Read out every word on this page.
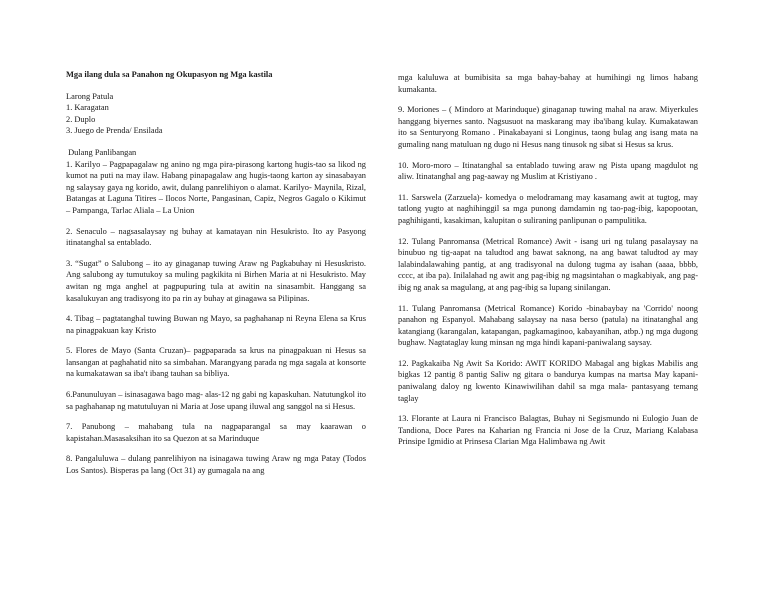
Mga ilang dula sa Panahon ng Okupasyon ng Mga kastila

Larong Patula
1. Karagatan
2. Duplo
3. Juego de Prenda/ Ensilada
Dulang Panlibangan

1. Karilyo – Pagpapagalaw ng anino ng mga pira-pirasong kartong hugis-tao sa likod ng kumot na puti na may ilaw. Habang pinapagalaw ang hugis-taong karton ay sinasabayan ng salaysay gaya ng korido, awit, dulang panrelihiyon o alamat. Karilyo- Maynila, Rizal, Batangas at Laguna Titires – Ilocos Norte, Pangasinan, Capiz, Negros Gagalo o Kikimut – Pampanga, Tarlac Aliala – La Union

2. Senaculo – nagsasalaysay ng buhay at kamatayan nin Hesukristo. Ito ay Pasyong itinatanghal sa entablado.

3. “Sugat” o Salubong – ito ay ginaganap tuwing Araw ng Pagkabuhay ni Hesuskristo. Ang salubong ay tumutukoy sa muling pagkikita ni Birhen Maria at ni Hesukristo. May awitan ng mga anghel at pagpupuring tula at awitin na sinasambit. Hanggang sa kasalukuyan ang tradisyong ito pa rin ay buhay at ginagawa sa Pilipinas.

4. Tibag – pagtatanghal tuwing Buwan ng Mayo, sa paghahanap ni Reyna Elena sa Krus na pinagpakuan kay Kristo

5. Flores de Mayo (Santa Cruzan)– pagpaparada sa krus na pinagpakuan ni Hesus sa lansangan at paghahatid nito sa simbahan. Marangyang parada ng mga sagala at konsorte na kumakatawan sa iba't ibang tauhan sa bibliya.

6.Panunuluyan – isinasagawa bago mag- alas-12 ng gabi ng kapaskuhan. Natutungkol ito sa paghahanap ng matutuluyan ni Maria at Jose upang iluwal ang sanggol na si Hesus.

7. Panubong – mahabang tula na nagpaparangal sa may kaarawan o kapistahan.Masasaksihan ito sa Quezon at sa Marinduque

8. Pangaluluwa – dulang panrelihiyon na isinagawa tuwing Araw ng mga Patay (Todos Los Santos). Bisperas pa lang (Oct 31) ay gumagala na ang

mga kaluluwa at bumibisita sa mga bahay-bahay at humihingi ng limos habang kumakanta.

9. Moriones – ( Mindoro at Marinduque) ginaganap tuwing mahal na araw. Miyerkules hanggang biyernes santo. Nagsusuot na maskarang may iba'ibang kulay. Kumakatawan ito sa Senturyong Romano . Pinakabayani si Longinus, taong bulag ang isang mata na gumaling nang matuluan ng dugo ni Hesus nang tinusok ng sibat si Hesus sa krus.

10. Moro-moro – Itinatanghal sa entablado tuwing araw ng Pista upang magdulot ng aliw. Itinatanghal ang pag-aaway ng Muslim at Kristiyano .

11. Sarswela (Zarzuela)- komedya o melodramang may kasamang awit at tugtog, may tatlong yugto at naghihinggil sa mga punong damdamin ng tao-pag-ibig, kapopootan, paghihiganti, kasakiman, kalupitan o suliraning panlipunan o pampulitika.

12. Tulang Panromansa (Metrical Romance) Awit - isang uri ng tulang pasalaysay na binubuo ng tig-aapat na taludtod ang bawat saknong, na ang bawat taludtod ay may lalabindalawahing pantig, at ang tradisyonal na dulong tugma ay isahan (aaaa, bbbb, cccc, at iba pa). Inilalahad ng awit ang pag-ibig ng magsintahan o magkabiyak, ang pag-ibig ng anak sa magulang, at ang pag-ibig sa lupang sinilangan.

11. Tulang Panromansa (Metrical Romance) Korido -binabaybay na 'Corrido' noong panahon ng Espanyol. Mahabang salaysay na nasa berso (patula) na itinatanghal ang katangiang (karangalan, katapangan, pagkamaginoo, kabayanihan, atbp.) ng mga dugong bughaw. Nagtataglay kung minsan ng mga hindi kapani-paniwalang saysay.

12. Pagkakaiba Ng Awit Sa Korido: AWIT KORIDO Mabagal ang bigkas Mabilis ang bigkas 12 pantig 8 pantig Saliw ng gitara o bandurya kumpas na martsa May kapani-paniwalang daloy ng kwento Kinawiwilihan dahil sa mga mala- pantasyang temang taglay

13. Florante at Laura ni Francisco Balagtas, Buhay ni Segismundo ni Eulogio Juan de Tandiona, Doce Pares na Kaharian ng Francia ni Jose de la Cruz, Mariang Kalabasa Prinsipe Igmidio at Prinsesa Clarian Mga Halimbawa ng Awit
